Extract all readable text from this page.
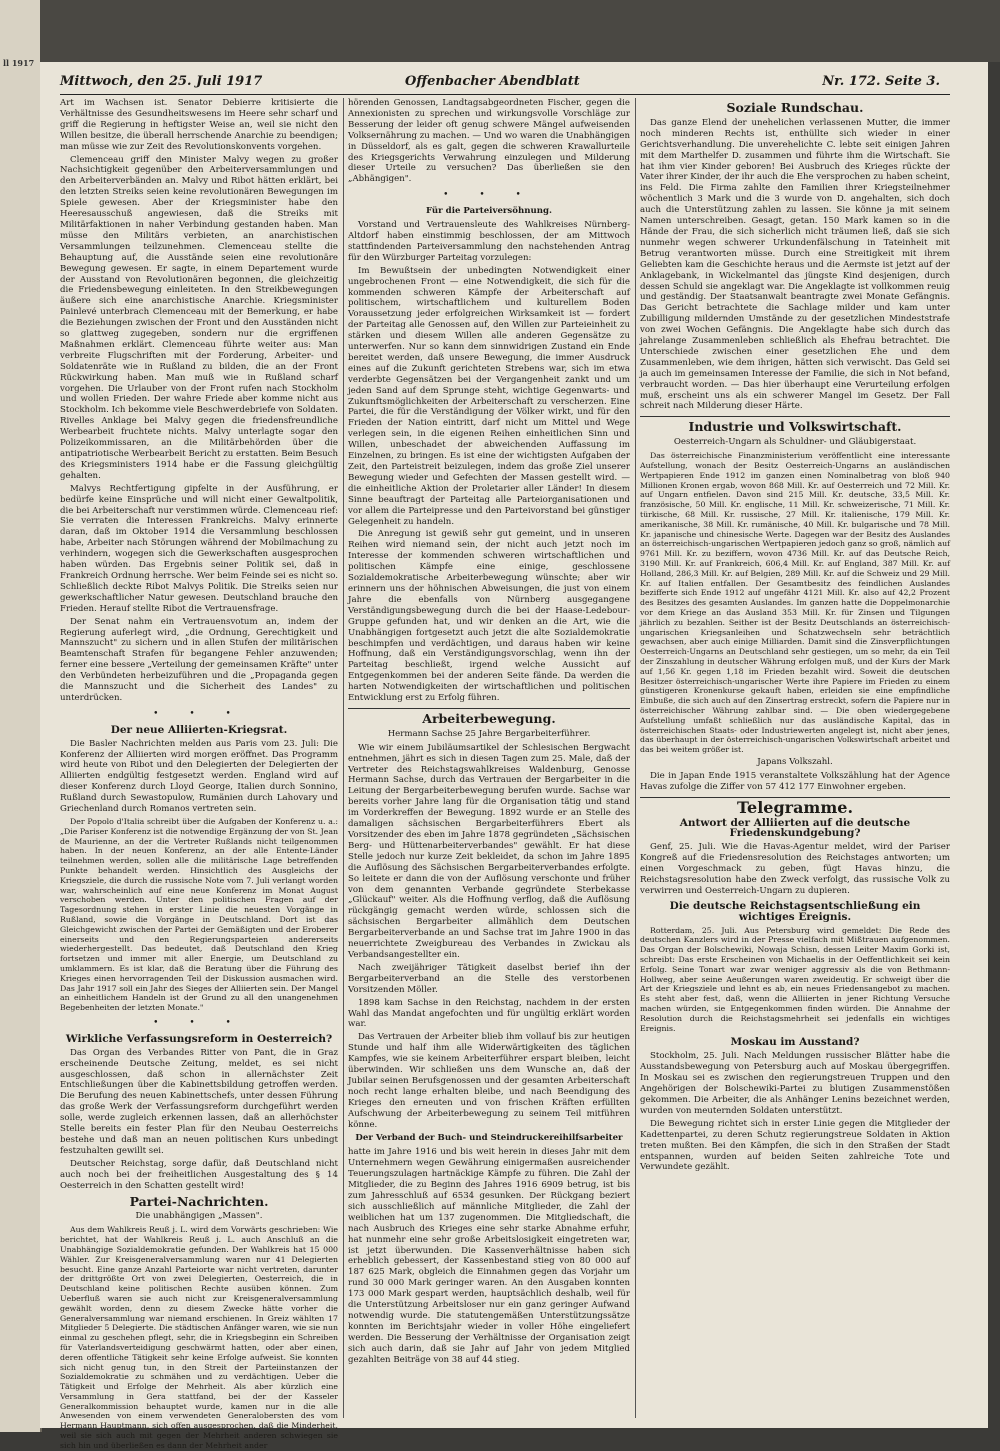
ll 1917
Mittwoch, den 25. Juli 1917	Offenbacher Abendblatt	Nr. 172. Seite 3.

Art im Wachsen ist. Senator Debierre kritisierte die Verhältnisse des Gesundheitswesens im Heere sehr scharf und griff die Regierung in heftigster Weise an, weil sie nicht den Willen besitze, die überall herrschende Anarchie zu beendigen; man müsse wie zur Zeit des Revolutionskonvents vorgehen.

Clemenceau griff den Minister Malvy wegen zu großer Nachsichtigkeit gegenüber den Arbeiterversammlungen und den Arbeiterverbänden an. Malvy und Ribot hätten erklärt, bei den letzten Streiks seien keine revolutionären Bewegungen im Spiele gewesen. Aber der Kriegsminister habe den Heeresausschuß angewiesen, daß die Streiks mit Militärfaktionen in naher Verbindung gestanden haben. Man müsse den Militärs verbieten, an anarchistischen Versammlungen teilzunehmen. Clemenceau stellte die Behauptung auf, die Ausstände seien eine revolutionäre Bewegung gewesen. Er sagte, in einem Departement wurde der Ausstand von Revolutionären begonnen, die gleichzeitig die Friedensbewegung einleiteten. In den Streikbewegungen äußere sich eine anarchistische Anarchie. Kriegsminister Painlevé unterbrach Clemenceau mit der Bemerkung, er habe die Beziehungen zwischen der Front und den Ausständen nicht so glattweg zugegeben, sondern nur die ergriffenen Maßnahmen erklärt. Clemenceau führte weiter aus: Man verbreite Flugschriften mit der Forderung, Arbeiter- und Soldatenräte wie in Rußland zu bilden, die an der Front Rückwirkung haben. Man muß wie in Rußland scharf vorgehen. Die Urlauber von der Front rufen nach Stockholm und wollen Frieden. Der wahre Friede aber komme nicht aus Stockholm. Ich bekomme viele Beschwerdebriefe von Soldaten. Rivelles Anklage bei Malvy gegen die friedensfreundliche Werbearbeit fruchtete nichts. Malvy unterlagte sogar den Polizeikommissaren, an die Militärbehörden über die antipatriotische Werbearbeit Bericht zu erstatten. Beim Besuch des Kriegsministers 1914 habe er die Fassung gleichgültig gehalten.

Malvys Rechtfertigung gipfelte in der Ausführung, er bedürfe keine Einsprüche und will nicht einer Gewaltpolitik, die bei Arbeiterschaft nur verstimmen würde. Clemenceau rief: Sie verraten die Interessen Frankreichs. Malvy erinnerte daran, daß im Oktober 1914 die Versammlung beschlossen habe, Arbeiter nach Störungen während der Mobilmachung zu verhindern, wogegen sich die Gewerkschaften ausgesprochen haben würden. Das Ergebnis seiner Politik sei, daß in Frankreich Ordnung herrsche. Wer beim Feinde sei es nicht so. Schließlich deckte Ribot Malvys Politik. Die Streiks seien nur gewerkschaftlicher Natur gewesen. Deutschland brauche den Frieden. Herauf stellte Ribot die Vertrauensfrage.

Der Senat nahm ein Vertrauensvotum an, indem der Regierung auferlegt wird, „die Ordnung, Gerechtigkeit und Mannszucht" zu sichern und in allen Stufen der militärischen Beamtenschaft Strafen für begangene Fehler anzuwenden; ferner eine bessere „Verteilung der gemeinsamen Kräfte" unter den Verbündeten herbeizuführen und die „Propaganda gegen die Mannszucht und die Sicherheit des Landes" zu unterdrücken.

• • •
Der neue Alliierten-Kriegsrat.

Die Basler Nachrichten melden aus Paris vom 23. Juli: Die Konferenz der Alliierten wird morgen eröffnet. Das Programm wird heute von Ribot und den Delegierten der Delegierten der Alliierten endgültig festgesetzt werden. England wird auf dieser Konferenz durch Lloyd George, Italien durch Sonnino, Rußland durch Sewastopulow, Rumänien durch Lahovary und Griechenland durch Romanos vertreten sein.

Der Popolo d'Italia schreibt über die Aufgaben der Konferenz u. a.: „Die Pariser Konferenz ist die notwendige Ergänzung der von St. Jean de Maurienne, an der die Vertreter Rußlands nicht teilgenommen haben. In der neuen Konferenz, an der alle Entente-Länder teilnehmen werden, sollen alle die militärische Lage betreffenden Punkte behandelt werden. Hinsichtlich des Ausgleichs der Kriegsziele, die durch die russische Note vom 7. Juli verlangt worden war, wahrscheinlich auf eine neue Konferenz im Monat August verschoben werden. Unter den politischen Fragen auf der Tagesordnung stehen in erster Linie die neuesten Vorgänge in Rußland, sowie die Vorgänge in Deutschland. Dort ist das Gleichgewicht zwischen der Partei der Gemäßigten und der Eroberer einerseits und den Regierungsparteien andererseits wiederhergestellt. Das bedeutet, daß Deutschland den Krieg fortsetzen und immer mit aller Energie, um Deutschland zu umklammern. Es ist klar, daß die Beratung über die Führung des Krieges einen hervorragenden Teil der Diskussion ausmachen wird. Das Jahr 1917 soll ein Jahr des Sieges der Alliierten sein. Der Mangel an einheitlichem Handeln ist der Grund zu all den unangenehmen Begebenheiten der letzten Monate."

• • •
Wirkliche Verfassungsreform in Oesterreich?

Das Organ des Verbandes Ritter von Pant, die in Graz erscheinende Deutsche Zeitung, meldet, es sei nicht ausgeschlossen, daß schon in allernächster Zeit Entschließungen über die Kabinettsbildung getroffen werden. Die Berufung des neuen Kabinettschefs, unter dessen Führung das große Werk der Verfassungsreform durchgeführt werden solle, werde zugleich erkennen lassen, daß an allerhöchster Stelle bereits ein fester Plan für den Neubau Oesterreichs bestehe und daß man an neuen politischen Kurs unbedingt festzuhalten gewillt sei.

Deutscher Reichstag, sorge dafür, daß Deutschland nicht auch noch bei der freiheitlichen Ausgestaltung des § 14 Oesterreich in den Schatten gestellt wird!

Partei-Nachrichten.
Die unabhängigen „Massen".

Aus dem Wahlkreis Reuß j. L. wird dem Vorwärts geschrieben: Wie berichtet, hat der Wahlkreis Reuß j. L. auch Anschluß an die Unabhängige Sozialdemokratie gefunden. Der Wahlkreis hat 15 000 Wähler. Zur Kreisgeneralversammlung waren nur 41 Delegierten besucht. Eine ganze Anzahl Parteiorte war nicht vertreten, darunter der drittgrößte Ort von zwei Delegierten, Oesterreich, die in Deutschland keine politischen Rechte ausüben können. Zum Ueberfluß waren sie auch nicht zur Kreisgeneralversammlung gewählt worden, denn zu diesem Zwecke hätte vorher die Generalversammlung war niemand erschienen. In Greiz wählten 17 Mitglieder 5 Delegierte. Die städtischen Anfänger waren, wie sie nun einmal zu geschehen pflegt, sehr, die in Kriegsbeginn ein Schreiben für Vaterlandsverteidigung geschwärmt hatten, oder aber einen, deren offentliche Tätigkeit sehr keine Erfolge aufweist. Sie konnten sich nicht genug tun, in den Streit der Parteiinstanzen der Sozialdemokratie zu schmähen und zu verdächtigen. Ueber die Tätigkeit und Erfolge der Mehrheit. Als aber kürzlich eine Versammlung in Gera stattfand, bei der der Kasseler Generalkommission behauptet wurde, kamen nur in die alle Anwesenden von einem verwendeten Generalobersten des vom Hermann Hauptmann, sich offen ausgesprochen, daß die Minderheit, weil sie sich auch mit gegen der Mehrheit anderen schwiegen sie sich hin und überließen es dann der Mehrheit ander

hörenden Genossen, Landtagsabgeordneten Fischer, gegen die Annexionisten zu sprechen und wirkungsvolle Vorschläge zur Besserung der leider oft genug schwere Mängel aufweisenden Volksernährung zu machen. — Und wo waren die Unabhängigen in Düsseldorf, als es galt, gegen die schweren Krawallurteile des Kriegsgerichts Verwahrung einzulegen und Milderung dieser Urteile zu versuchen? Das überließen sie den „Abhängigen".

• • •
Für die Parteiversöhnung.

Vorstand und Vertrauensleute des Wahlkreises Nürnberg-Altdorf haben einstimmig beschlossen, der am Mittwoch stattfindenden Parteiversammlung den nachstehenden Antrag für den Würzburger Parteitag vorzulegen:

Im Bewußtsein der unbedingten Notwendigkeit einer ungebrochenen Front — eine Notwendigkeit, die sich für die kommenden schweren Kämpfe der Arbeiterschaft auf politischem, wirtschaftlichem und kulturellem Boden Voraussetzung jeder erfolgreichen Wirksamkeit ist — fordert der Parteitag alle Genossen auf, den Willen zur Parteieinheit zu stärken und diesem Willen alle anderen Gegensätze zu unterwerfen. Nur so kann dem sinnwidrigen Zustand ein Ende bereitet werden, daß unsere Bewegung, die immer Ausdruck eines auf die Zukunft gerichteten Strebens war, sich im etwa verderbte Gegensätzen bei der Vergangenheit zankt und um jeden Sand auf dem Sprunge steht, wichtige Gegenwarts- und Zukunftsmöglichkeiten der Arbeiterschaft zu verscherzen. Eine Partei, die für die Verständigung der Völker wirkt, und für den Frieden der Nation eintritt, darf nicht um Mittel und Wege verlegen sein, in die eigenen Reihen einheitlichen Sinn und Willen, unbeschadet der abweichenden Auffassung im Einzelnen, zu bringen. Es ist eine der wichtigsten Aufgaben der Zeit, den Parteistreit beizulegen, indem das große Ziel unserer Bewegung wieder und Gefechten der Massen gestellt wird. — die einheitliche Aktion der Proletarier aller Länder! In diesem Sinne beauftragt der Parteitag alle Parteiorganisationen und vor allem die Parteipresse und den Parteivorstand bei günstiger Gelegenheit zu handeln.

Die Anregung ist gewiß sehr gut gemeint, und in unseren Reihen wird niemand sein, der nicht auch jetzt noch im Interesse der kommenden schweren wirtschaftlichen und politischen Kämpfe eine einige, geschlossene Sozialdemokratische Arbeiterbewegung wünschte; aber wir erinnern uns der höhnischen Abweisungen, die just von einem Jahre die ebenfalls von Nürnberg ausgegangene Verständigungsbewegung durch die bei der Haase-Ledebour-Gruppe gefunden hat, und wir denken an die Art, wie die Unabhängigen fortgesetzt auch jetzt die alte Sozialdemokratie beschimpfen und verdächtigen, und daraus haben wir keine Hoffnung, daß ein Verständigungsvorschlag, wenn ihn der Parteitag beschließt, irgend welche Aussicht auf Entgegenkommen bei der anderen Seite fände. Da werden die harten Notwendigkeiten der wirtschaftlichen und politischen Entwicklung erst zu Erfolg führen.

Arbeiterbewegung.
Hermann Sachse 25 Jahre Bergarbeiterführer.

Wie wir einem Jubiläumsartikel der Schlesischen Bergwacht entnehmen, jährt es sich in diesen Tagen zum 25. Male, daß der Vertreter des Reichstagswahlkreises Waldenburg, Genosse Hermann Sachse, durch das Vertrauen der Bergarbeiter in die Leitung der Bergarbeiterbewegung berufen wurde. Sachse war bereits vorher Jahre lang für die Organisation tätig und stand im Vorderkreffen der Bewegung. 1892 wurde er an Stelle des damaligen sächsischen Bergarbeiterführers Ebert als Vorsitzender des eben im Jahre 1878 gegründeten „Sächsischen Berg- und Hüttenarbeiterverbandes" gewählt. Er hat diese Stelle jedoch nur kurze Zeit bekleidet, da schon im Jahre 1895 die Auflösung des Sächsischen Bergarbeiterverbandes erfolgte. So leitete er dann die von der Auflösung verschonte und früher von dem genannten Verbande gegründete Sterbekasse „Glückauf" weiter. Als die Hoffnung verflog, daß die Auflösung rückgängig gemacht werden würde, schlossen sich die sächsischen Bergarbeiter allmählich dem Deutschen Bergarbeiterverbande an und Sachse trat im Jahre 1900 in das neuerrichtete Zweigbureau des Verbandes in Zwickau als Verbandsangestellter ein.

Nach zweijähriger Tätigkeit daselbst berief ihn der Bergarbeiterverband an die Stelle des verstorbenen Vorsitzenden Möller.

1898 kam Sachse in den Reichstag, nachdem in der ersten Wahl das Mandat angefochten und für ungültig erklärt worden war.

Das Vertrauen der Arbeiter blieb ihm vollauf bis zur heutigen Stunde und half ihm alle Widerwärtigkeiten des täglichen Kampfes, wie sie keinem Arbeiterführer erspart bleiben, leicht überwinden. Wir schließen uns dem Wunsche an, daß der Jubilar seinen Berufsgenossen und der gesamten Arbeiterschaft noch recht lange erhalten bleibe, und nach Beendigung des Krieges den erneuten und von frischen Kräften erfüllten Aufschwung der Arbeiterbewegung zu seinem Teil mitführen könne.

Der Verband der Buch- und Steindruckereihilfsarbeiter

hatte im Jahre 1916 und bis weit herein in dieses Jahr mit dem Unternehmern wegen Gewährung einigermaßen ausreichender Teuerungszulagen hartnäckige Kämpfe zu führen. Die Zahl der Mitglieder, die zu Beginn des Jahres 1916 6909 betrug, ist bis zum Jahresschluß auf 6534 gesunken. Der Rückgang beziert sich ausschließlich auf männliche Mitglieder, die Zahl der weiblichen hat um 137 zugenommen. Die Mitgliedschaft, die nach Ausbruch des Krieges eine sehr starke Abnahme erfuhr, hat nunmehr eine sehr große Arbeitslosigkeit eingetreten war, ist jetzt überwunden. Die Kassenverhältnisse haben sich erheblich gebessert, der Kassenbestand stieg von 80 000 auf 187 625 Mark, obgleich die Einnahmen gegen das Vorjahr um rund 30 000 Mark geringer waren. An den Ausgaben konnten 173 000 Mark gespart werden, hauptsächlich deshalb, weil für die Unterstützung Arbeitsloser nur ein ganz geringer Aufwand notwendig wurde. Die statutengemäßen Unterstützungssätze konnten im Berichtsjahr wieder in voller Höhe eingeliefert werden. Die Besserung der Verhältnisse der Organisation zeigt sich auch darin, daß sie Jahr auf Jahr von jedem Mitglied gezahlten Beiträge von 38 auf 44 stieg.

Soziale Rundschau.

Das ganze Elend der unehelichen verlassenen Mutter, die immer noch minderen Rechts ist, enthüllte sich wieder in einer Gerichtsverhandlung. Die unverehelichte C. lebte seit einigen Jahren mit dem Marthelfer D. zusammen und führte ihm die Wirtschaft. Sie hat ihm vier Kinder geboren! Bei Ausbruch des Krieges rückte der Vater ihrer Kinder, der ihr auch die Ehe versprochen zu haben scheint, ins Feld. Die Firma zahlte den Familien ihrer Kriegsteilnehmer wöchentlich 3 Mark und die 3 wurde von D. angehalten, sich doch auch die Unterstützung zahlen zu lassen. Sie könne ja mit seinem Namen unterschreiben. Gesagt, getan. 150 Mark kamen so in die Hände der Frau, die sich sicherlich nicht träumen ließ, daß sie sich nunmehr wegen schwerer Urkundenfälschung in Tateinheit mit Betrug verantworten müsse. Durch eine Streitigkeit mit ihrem Geliebten kam die Geschichte heraus und die Aermste ist jetzt auf der Anklagebank, in Wickelmantel das jüngste Kind desjenigen, durch dessen Schuld sie angeklagt war. Die Angeklagte ist vollkommen reuig und geständig. Der Staatsanwalt beantragte zwei Monate Gefängnis. Das Gericht betrachtete die Sachlage milder und kam unter Zubilligung mildernden Umstände zu der gesetzlichen Mindeststrafe von zwei Wochen Gefängnis. Die Angeklagte habe sich durch das jahrelange Zusammenleben schließlich als Ehefrau betrachtet. Die Unterschiede zwischen einer gesetzlichen Ehe und dem Zusammenleben, wie dem ihrigen, hätten sich verwischt. Das Geld sei ja auch im gemeinsamen Interesse der Familie, die sich in Not befand, verbraucht worden. — Das hier überhaupt eine Verurteilung erfolgen muß, erscheint uns als ein schwerer Mangel im Gesetz. Der Fall schreit nach Milderung dieser Härte.

Industrie und Volkswirtschaft.
Oesterreich-Ungarn als Schuldner- und Gläubigerstaat.

Das österreichische Finanzministerium veröffentlicht eine interessante Aufstellung, wonach der Besitz Oesterreich-Ungarns an ausländischen Wertpapieren Ende 1912 im ganzen einen Nominalbetrag von bloß 940 Millionen Kronen ergab, wovon 868 Mill. Kr. auf Oesterreich und 72 Mill. Kr. auf Ungarn entfielen. Davon sind 215 Mill. Kr. deutsche, 33,5 Mill. Kr. französische, 50 Mill. Kr. englische, 11 Mill. Kr. schweizerische, 71 Mill. Kr. türkische, 68 Mill. Kr. russische, 27 Mill. Kr. italienische, 179 Mill. Kr. amerikanische, 38 Mill. Kr. rumänische, 40 Mill. Kr. bulgarische und 78 Mill. Kr. japanische und chinesische Werte. Dagegen war der Besitz des Auslandes an österreichisch-ungarischen Wertpapieren jedoch ganz so groß, nämlich auf 9761 Mill. Kr. zu beziffern, wovon 4736 Mill. Kr. auf das Deutsche Reich, 3190 Mill. Kr. auf Frankreich, 606,4 Mill. Kr. auf England, 387 Mill. Kr. auf Holland, 286,3 Mill. Kr. auf Belgien, 289 Mill. Kr. auf die Schweiz und 29 Mill. Kr. auf Italien entfallen. Der Gesamtbesitz des feindlichen Auslandes bezifferte sich Ende 1912 auf ungefähr 4121 Mill. Kr. also auf 42,2 Prozent des Besitzes des gesamten Auslandes. Im ganzen hatte die Doppelmonarchie vor dem Kriege an das Ausland 353 Mill. Kr. für Zinsen und Tilgungen jährlich zu bezahlen. Seither ist der Besitz Deutschlands an österreichisch-ungarischen Kriegsanleihen und Schatzwechseln sehr beträchtlich gewachsen, aber auch einige Milliarden. Damit sind die Zinsverpflichtungen Oesterreich-Ungarns an Deutschland sehr gestiegen, um so mehr, da ein Teil der Zinszahlung in deutscher Währung erfolgen muß, und der Kurs der Mark auf 1,56 Kr. gegen 1,18 im Frieden bezahlt wird. Soweit die deutschen Besitzer österreichisch-ungarischer Werte ihre Papiere im Frieden zu einem günstigeren Kronenkurse gekauft haben, erleiden sie eine empfindliche Einbuße, die sich auch auf den Zinsertrag erstreckt, sofern die Papiere nur in österreichischer Währung zahlbar sind. — Die oben wiedergegebene Aufstellung umfaßt schließlich nur das ausländische Kapital, das in österreichischen Staats- oder Industriewerten angelegt ist, nicht aber jenes, das überhaupt in der österreichisch-ungarischen Volkswirtschaft arbeitet und das bei weitem größer ist.

Japans Volkszahl.

Die in Japan Ende 1915 veranstaltete Volkszählung hat der Agence Havas zufolge die Ziffer von 57 412 177 Einwohner ergeben.

Telegramme.
Antwort der Alliierten auf die deutsche Friedenskundgebung?

Genf, 25. Juli. Wie die Havas-Agentur meldet, wird der Pariser Kongreß auf die Friedensresolution des Reichstages antworten; um einen Vorgeschmack zu geben, fügt Havas hinzu, die Reichstagsresolution habe den Zweck verfolgt, das russische Volk zu verwirren und Oesterreich-Ungarn zu dupieren.

Die deutsche Reichstagsentschließung ein wichtiges Ereignis.

Rotterdam, 25. Juli. Aus Petersburg wird gemeldet: Die Rede des deutschen Kanzlers wird in der Presse vielfach mit Mißtrauen aufgenommen. Das Organ der Bolschewiki, Nowaja Schisn, dessen Leiter Maxim Gorki ist, schreibt: Das erste Erscheinen von Michaelis in der Oeffentlichkeit sei kein Erfolg. Seine Tonart war zwar weniger aggressiv als die von Bethmann-Hollweg, aber seine Aeußerungen waren zweideutig. Er schweigt über die Art der Kriegsziele und lehnt es ab, ein neues Friedensangebot zu machen. Es steht aber fest, daß, wenn die Alliierten in jener Richtung Versuche machen würden, sie Entgegenkommen finden würden. Die Annahme der Resolution durch die Reichstagsmehrheit sei jedenfalls ein wichtiges Ereignis.

Moskau im Ausstand?

Stockholm, 25. Juli. Nach Meldungen russischer Blätter habe die Ausstandsbewegung von Petersburg auch auf Moskau übergegriffen. In Moskau sei es zwischen den regierungstreuen Truppen und den Angehörigen der Bolschewiki-Partei zu blutigen Zusammenstößen gekommen. Die Arbeiter, die als Anhänger Lenins bezeichnet werden, wurden von meuternden Soldaten unterstützt.

Die Bewegung richtet sich in erster Linie gegen die Mitglieder der Kadettenpartei, zu deren Schutz regierungstreue Soldaten in Aktion treten mußten. Bei den Kämpfen, die sich in den Straßen der Stadt entspannen, wurden auf beiden Seiten zahlreiche Tote und Verwundete gezählt.
